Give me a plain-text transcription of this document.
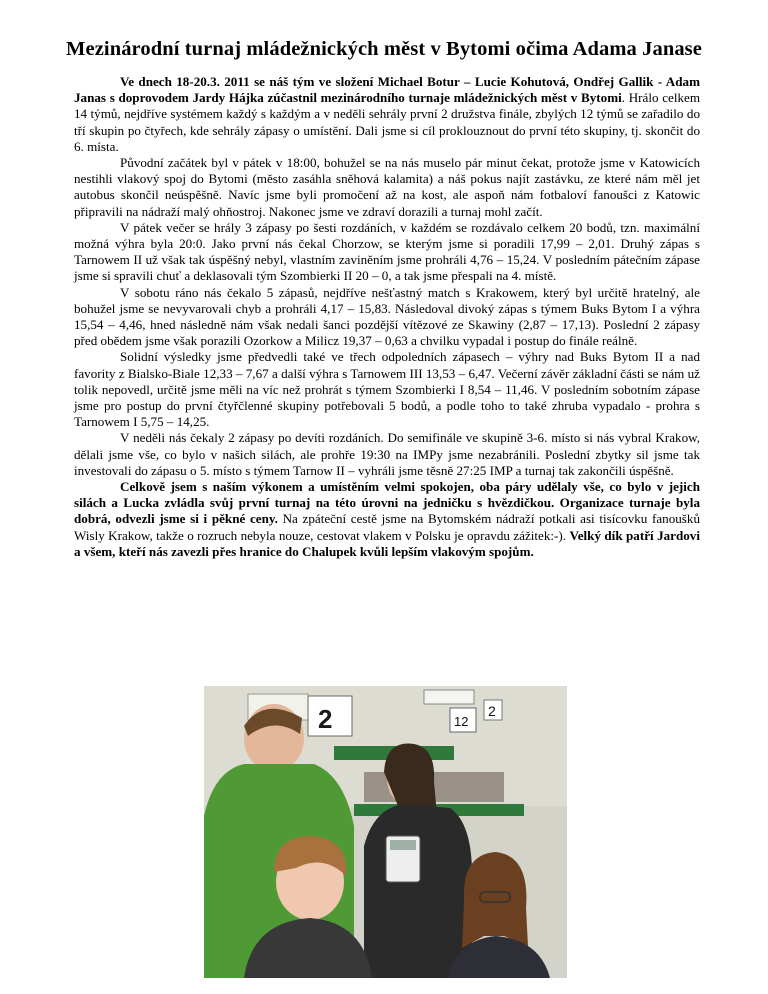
Mezinárodní turnaj mládežnických měst v Bytomi očima Adama Janase

Ve dnech 18-20.3. 2011 se náš tým ve složení Michael Botur – Lucie Kohutová, Ondřej Gallik - Adam Janas s doprovodem Jardy Hájka zúčastnil mezinárodního turnaje mládežnických měst v Bytomi. Hrálo celkem 14 týmů, nejdříve systémem každý s každým a v neděli sehrály první 2 družstva finále, zbylých 12 týmů se zařadilo do tří skupin po čtyřech, kde sehrály zápasy o umístění. Dali jsme si cíl proklouznout do první této skupiny, tj. skončit do 6. místa.

Původní začátek byl v pátek v 18:00, bohužel se na nás muselo pár minut čekat, protože jsme v Katowicích nestihli vlakový spoj do Bytomi (město zasáhla sněhová kalamita) a náš pokus najít zastávku, ze které nám měl jet autobus skončil neúspěšně. Navíc jsme byli promočení až na kost, ale aspoň nám fotbaloví fanoušci z Katowic připravili na nádraží malý ohňostroj. Nakonec jsme ve zdraví dorazili a turnaj mohl začít.

V pátek večer se hrály 3 zápasy po šesti rozdáních, v každém se rozdávalo celkem 20 bodů, tzn. maximální možná výhra byla 20:0. Jako první nás čekal Chorzow, se kterým jsme si poradili 17,99 – 2,01. Druhý zápas s Tarnowem II už však tak úspěšný nebyl, vlastním zaviněním jsme prohráli 4,76 – 15,24. V posledním pátečním zápase jsme si spravili chuť a deklasovali tým Szombierki II 20 – 0, a tak jsme přespali na 4. místě.

V sobotu ráno nás čekalo 5 zápasů, nejdříve nešťastný match s Krakowem, který byl určitě hratelný, ale bohužel jsme se nevyvarovali chyb a prohráli 4,17 – 15,83. Následoval divoký zápas s týmem Buks Bytom I a výhra 15,54 – 4,46, hned následně nám však nedali šanci pozdější vítězové ze Skawiny (2,87 – 17,13). Poslední 2 zápasy před obědem jsme však porazili Ozorkow a Milicz 19,37 – 0,63 a chvilku vypadal i postup do finále reálně.

Solidní výsledky jsme předvedli také ve třech odpoledních zápasech – výhry nad Buks Bytom II a nad favority z Bialsko-Biale 12,33 – 7,67 a další výhra s Tarnowem III 13,53 – 6,47. Večerní závěr základní části se nám už tolik nepovedl, určitě jsme měli na víc než prohrát s týmem Szombierki I 8,54 – 11,46. V posledním sobotním zápase jsme pro postup do první čtyřčlenné skupiny potřebovali 5 bodů, a podle toho to také zhruba vypadalo - prohra s Tarnowem I 5,75 – 14,25.

V neděli nás čekaly 2 zápasy po devíti rozdáních. Do semifinále ve skupině 3-6. místo si nás vybral Krakow, dělali jsme vše, co bylo v našich silách, ale prohře 19:30 na IMPy jsme nezabránili. Poslední zbytky sil jsme tak investovali do zápasu o 5. místo s týmem Tarnow II – vyhráli jsme těsně 27:25 IMP a turnaj tak zakončili úspěšně.

Celkově jsem s naším výkonem a umístěním velmi spokojen, oba páry udělaly vše, co bylo v jejich silách a Lucka zvládla svůj první turnaj na této úrovni na jedničku s hvězdičkou. Organizace turnaje byla dobrá, odvezli jsme si i pěkné ceny. Na zpáteční cestě jsme na Bytomském nádraží potkali asi tisícovku fanoušků Wisly Krakow, takže o rozruch nebyla nouze, cestovat vlakem v Polsku je opravdu zážitek:-). Velký dík patří Jardovi a všem, kteří nás zavezli přes hranice do Chalupek kvůli lepším vlakovým spojům.

2	12
2
